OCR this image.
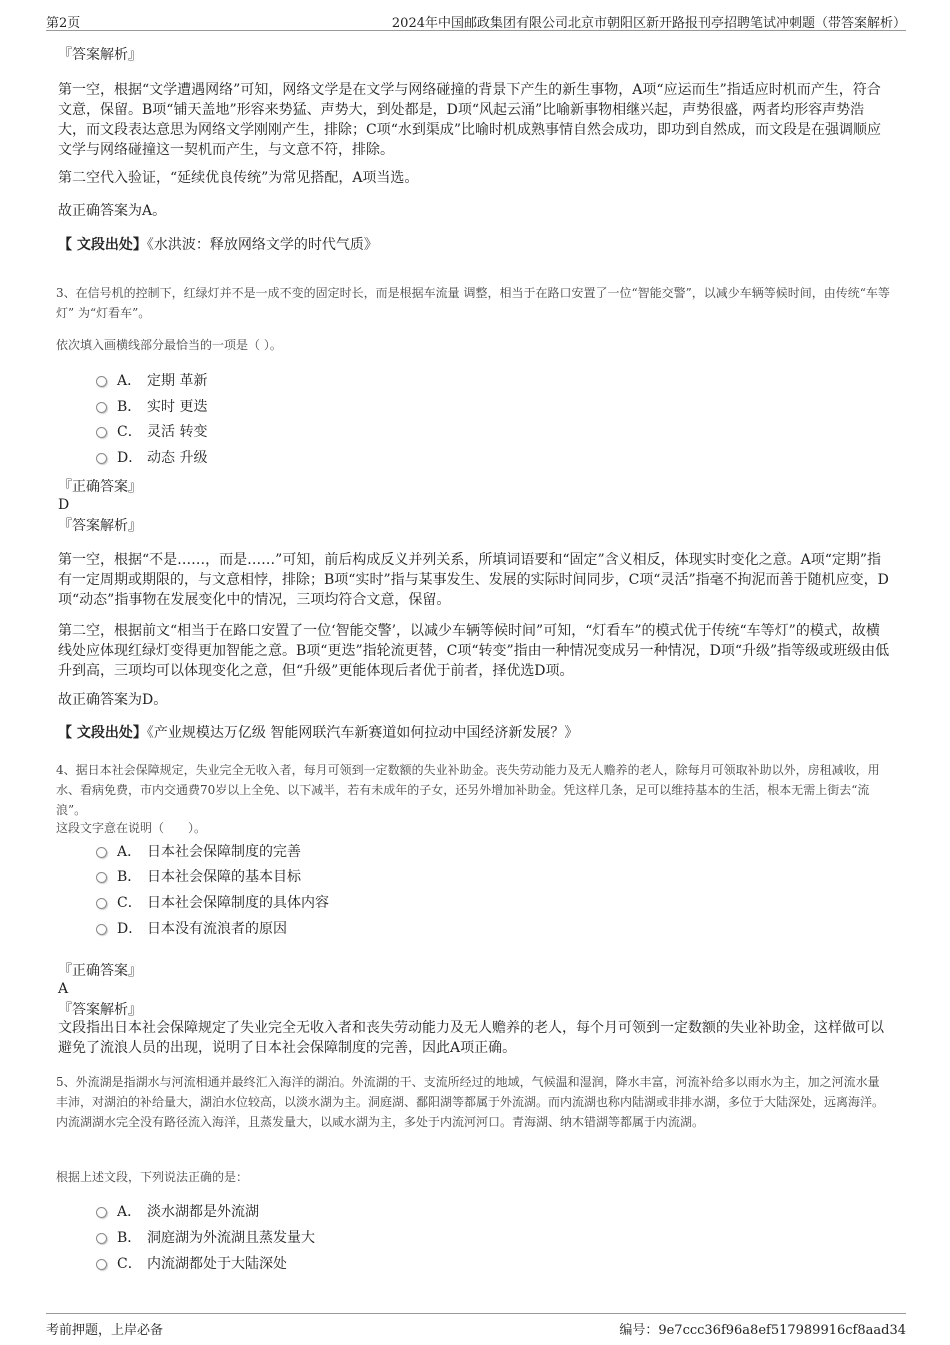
第2页	2024年中国邮政集团有限公司北京市朝阳区新开路报刊亭招聘笔试冲刺题（带答案解析）
『答案解析』

第一空，根据“文学遭遇网络”可知，网络文学是在文学与网络碰撞的背景下产生的新生事物，A项“应运而生”指适应时机而产生，符合文意，保留。B项“铺天盖地”形容来势猛、声势大，到处都是，D项“风起云涌”比喻新事物相继兴起，声势很盛，两者均形容声势浩大，而文段表达意思为网络文学刚刚产生，排除；C项“水到渠成”比喻时机成熟事情自然会成功，即功到自然成，而文段是在强调顺应文学与网络碰撞这一契机而产生，与文意不符，排除。

第二空代入验证，“延续优良传统”为常见搭配，A项当选。

故正确答案为A。

【 文段出处】《水洪波：释放网络文学的时代气质》

3、在信号机的控制下，红绿灯并不是一成不变的固定时长，而是根据车流量 调整，相当于在路口安置了一位“智能交警”，以减少车辆等候时间，由传统“车等灯” 为“灯看车”。

依次填入画横线部分最恰当的一项是（ ）。

A． 定期 革新
B． 实时 更迭
C． 灵活 转变
D． 动态 升级
『正确答案』
D
『答案解析』

第一空，根据“不是……，而是……”可知，前后构成反义并列关系，所填词语要和“固定”含义相反，体现实时变化之意。A项“定期”指有一定周期或期限的，与文意相悖，排除；B项“实时”指与某事发生、发展的实际时间同步，C项“灵活”指毫不拘泥而善于随机应变，D项“动态”指事物在发展变化中的情况，三项均符合文意，保留。

第二空，根据前文“相当于在路口安置了一位‘智能交警’，以减少车辆等候时间”可知，“灯看车”的模式优于传统“车等灯”的模式，故横线处应体现红绿灯变得更加智能之意。B项“更迭”指轮流更替，C项“转变”指由一种情况变成另一种情况，D项“升级”指等级或班级由低升到高，三项均可以体现变化之意，但“升级”更能体现后者优于前者，择优选D项。

故正确答案为D。

【 文段出处】《产业规模达万亿级 智能网联汽车新赛道如何拉动中国经济新发展？》

4、据日本社会保障规定，失业完全无收入者，每月可领到一定数额的失业补助金。丧失劳动能力及无人赡养的老人，除每月可领取补助以外，房租减收，用水、看病免费，市内交通费70岁以上全免、以下减半，若有未成年的子女，还另外增加补助金。凭这样几条，足可以维持基本的生活，根本无需上街去“流浪”。

这段文字意在说明（　　）。

A． 日本社会保障制度的完善
B． 日本社会保障的基本目标
C． 日本社会保障制度的具体内容
D． 日本没有流浪者的原因
『正确答案』
A
『答案解析』

文段指出日本社会保障规定了失业完全无收入者和丧失劳动能力及无人赡养的老人，每个月可领到一定数额的失业补助金，这样做可以避免了流浪人员的出现，说明了日本社会保障制度的完善，因此A项正确。

5、外流湖是指湖水与河流相通并最终汇入海洋的湖泊。外流湖的干、支流所经过的地域，气候温和湿润，降水丰富，河流补给多以雨水为主，加之河流水量丰沛，对湖泊的补给量大，湖泊水位较高，以淡水湖为主。洞庭湖、鄱阳湖等都属于外流湖。而内流湖也称内陆湖或非排水湖，多位于大陆深处，远离海洋。内流湖湖水完全没有路径流入海洋，且蒸发量大，以咸水湖为主，多处于内流河河口。青海湖、纳木错湖等都属于内流湖。

根据上述文段，下列说法正确的是：

A． 淡水湖都是外流湖
B． 洞庭湖为外流湖且蒸发量大
C． 内流湖都处于大陆深处
考前押题，上岸必备	编号：9e7ccc36f96a8ef517989916cf8aad34
